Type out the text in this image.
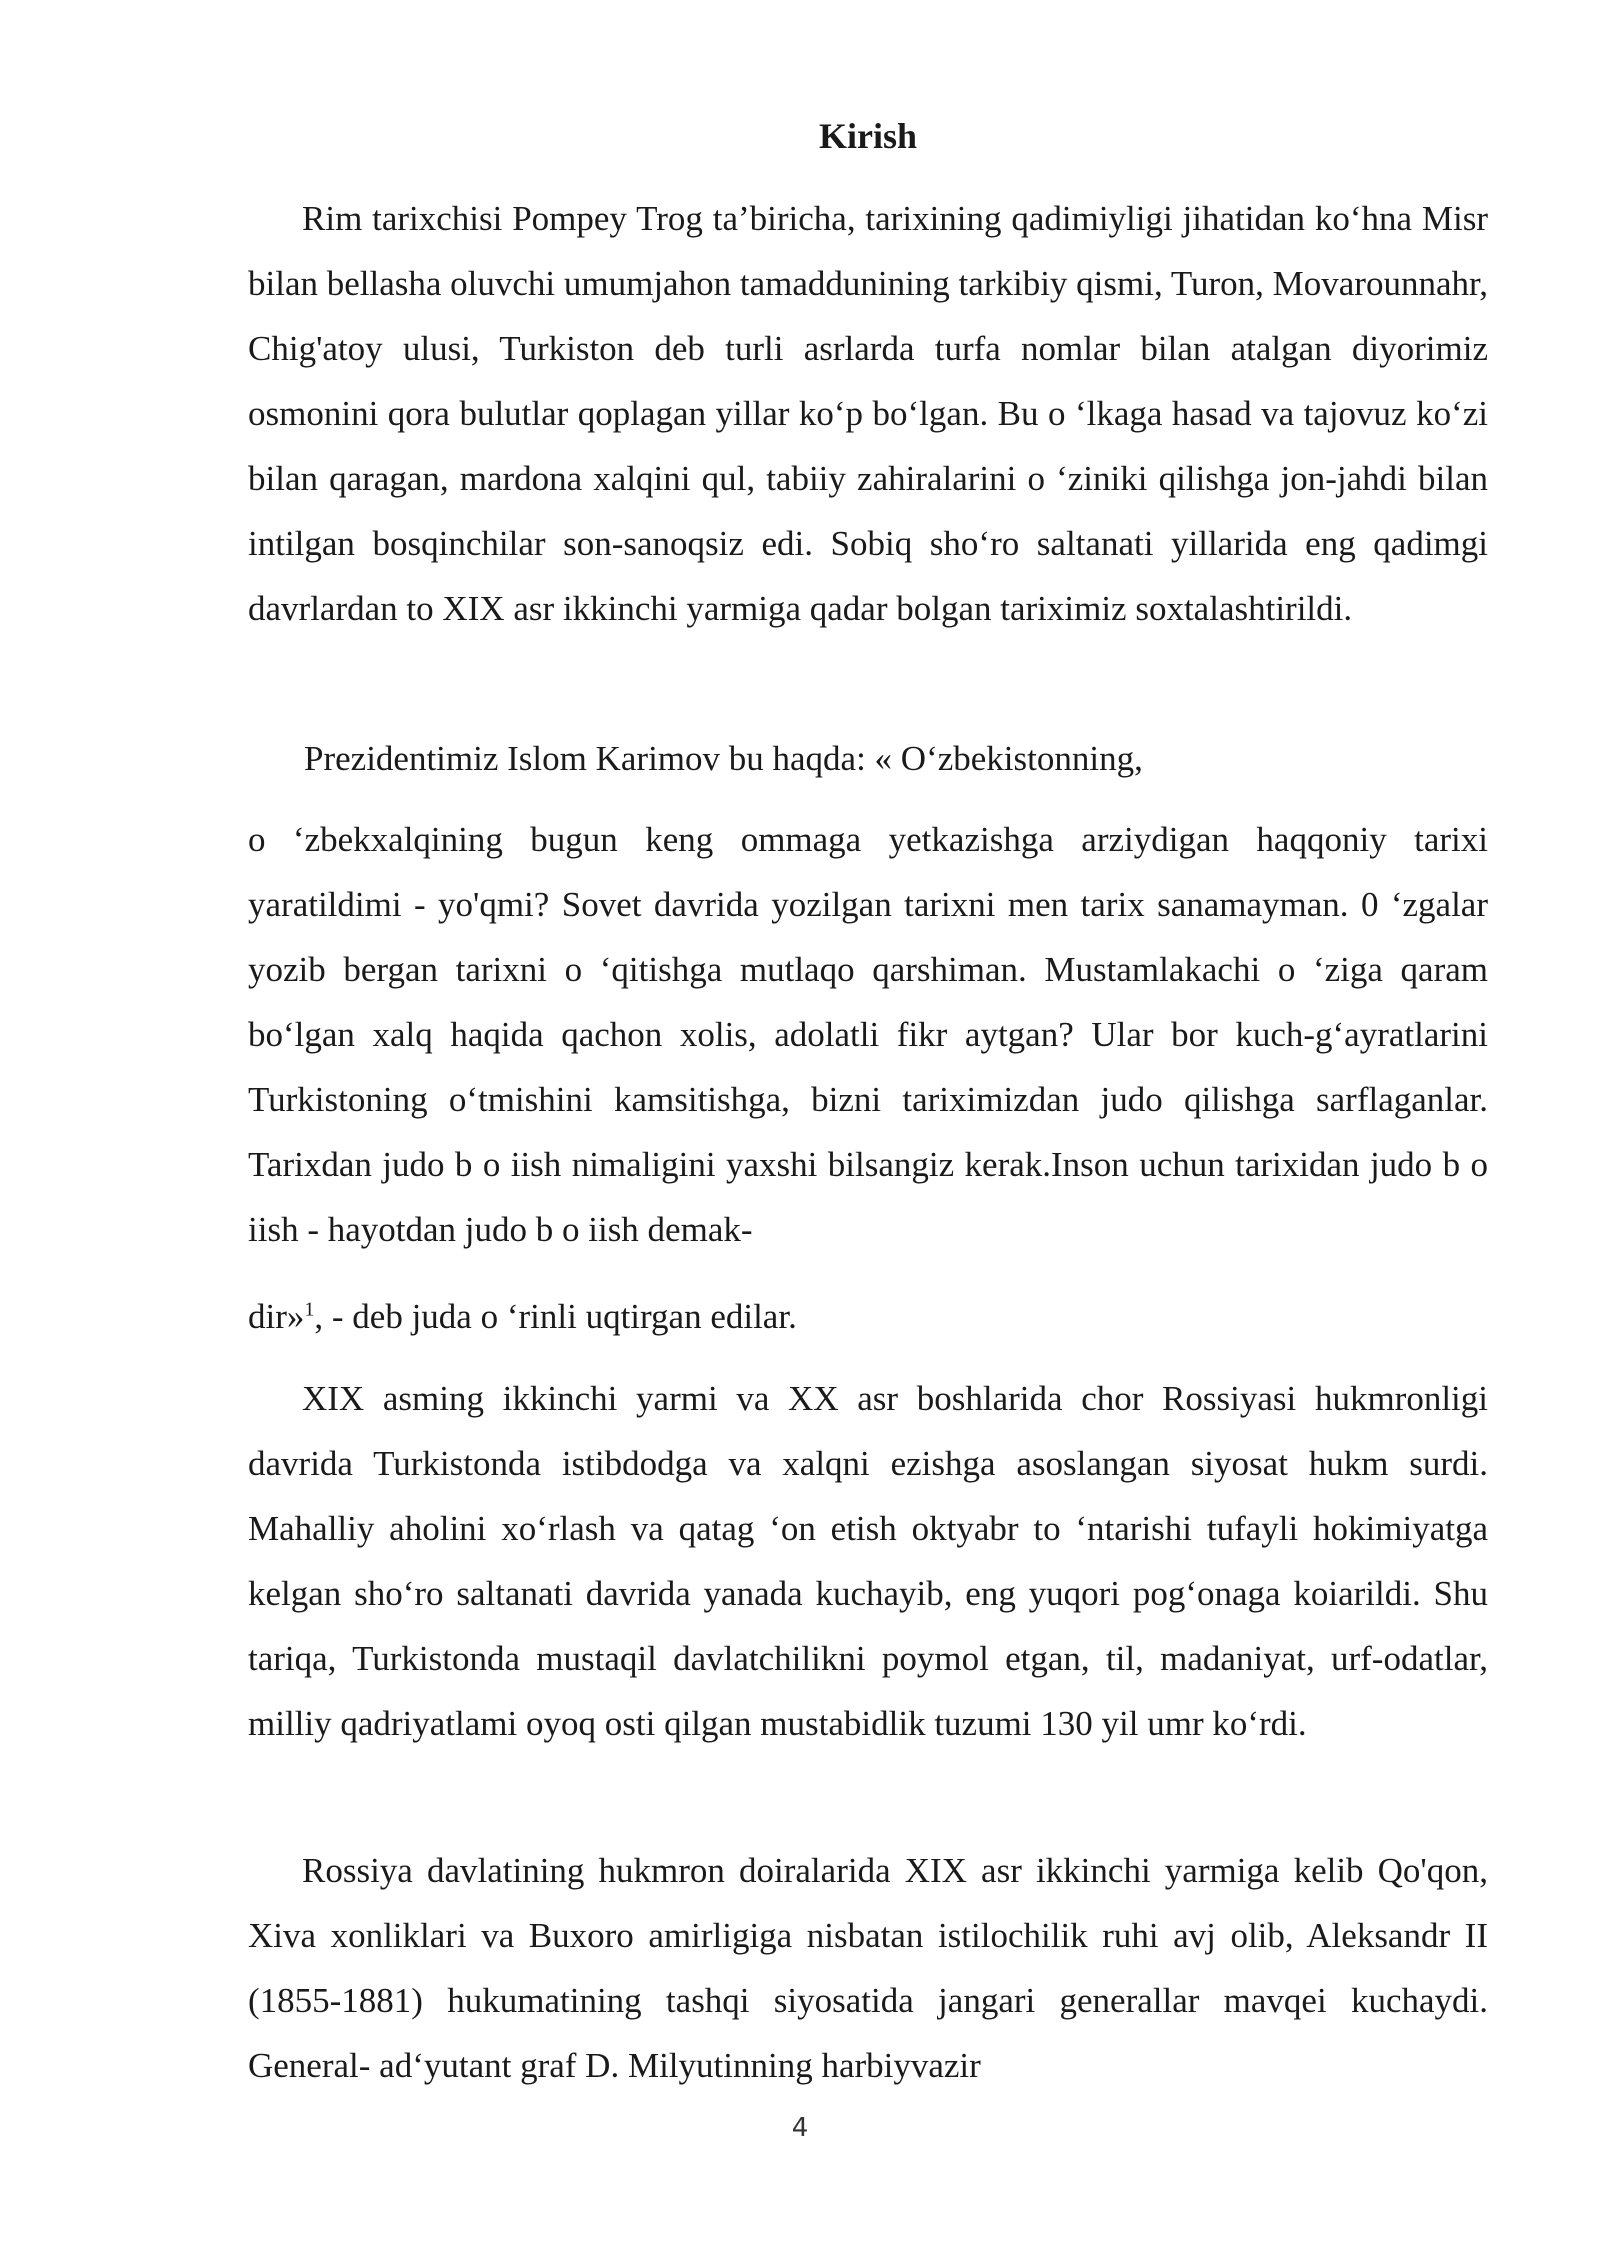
Kirish

Rim tarixchisi Pompey Trog ta’biricha, tarixining qadimiyligi jihatidan ko‘hna Misr bilan bellasha oluvchi umumjahon tamaddunining tarkibiy qismi, Turon, Movarounnahr, Chig'atoy ulusi, Turkiston deb turli asrlarda turfa nomlar bilan atalgan diyorimiz osmonini qora bulutlar qoplagan yillar ko‘p bo‘lgan. Bu o ‘lkaga hasad va tajovuz ko‘zi bilan qaragan, mardona xalqini qul, tabiiy zahiralarini o ‘ziniki qilishga jon-jahdi bilan intilgan bosqinchilar son-sanoqsiz edi. Sobiq sho‘ro saltanati yillarida eng qadimgi davrlardan to XIX asr ikkinchi yarmiga qadar bolgan tariximiz soxtalashtirildi.

Prezidentimiz Islom Karimov bu haqda: « O‘zbekistonning,

o ‘zbekxalqining bugun keng ommaga yetkazishga arziydigan haqqoniy tarixi yaratildimi - yo'qmi? Sovet davrida yozilgan tarixni men tarix sanamayman. 0 ‘zgalar yozib bergan tarixni o ‘qitishga mutlaqo qarshiman. Mustamlakachi o ‘ziga qaram bo‘lgan xalq haqida qachon xolis, adolatli fikr aytgan? Ular bor kuch-g‘ayratlarini Turkistoning o‘tmishini kamsitishga, bizni tariximizdan judo qilishga sarflaganlar. Tarixdan judo b o iish nimaligini yaxshi bilsangiz kerak.Inson uchun tarixidan judo b o iish - hayotdan judo b o iish demak-

dir»$^1$, - deb juda o ‘rinli uqtirgan edilar.

XIX asming ikkinchi yarmi va XX asr boshlarida chor Rossiyasi hukmronligi davrida Turkistonda istibdodga va xalqni ezishga asoslangan siyosat hukm surdi. Mahalliy aholini xo‘rlash va qatag ‘on etish oktyabr to ‘ntarishi tufayli hokimiyatga kelgan sho‘ro saltanati davrida yanada kuchayib, eng yuqori pog‘onaga koiarildi. Shu tariqa, Turkistonda mustaqil davlatchilikni poymol etgan, til, madaniyat, urf-odatlar, milliy qadriyatlami oyoq osti qilgan mustabidlik tuzumi 130 yil umr ko‘rdi.

Rossiya davlatining hukmron doiralarida XIX asr ikkinchi yarmiga kelib Qo'qon, Xiva xonliklari va Buxoro amirligiga nisbatan istilochilik ruhi avj olib, Aleksandr II (1855-1881) hukumatining tashqi siyosatida jangari generallar mavqei kuchaydi. General- ad‘yutant graf D. Milyutinning harbiyvazir

4
